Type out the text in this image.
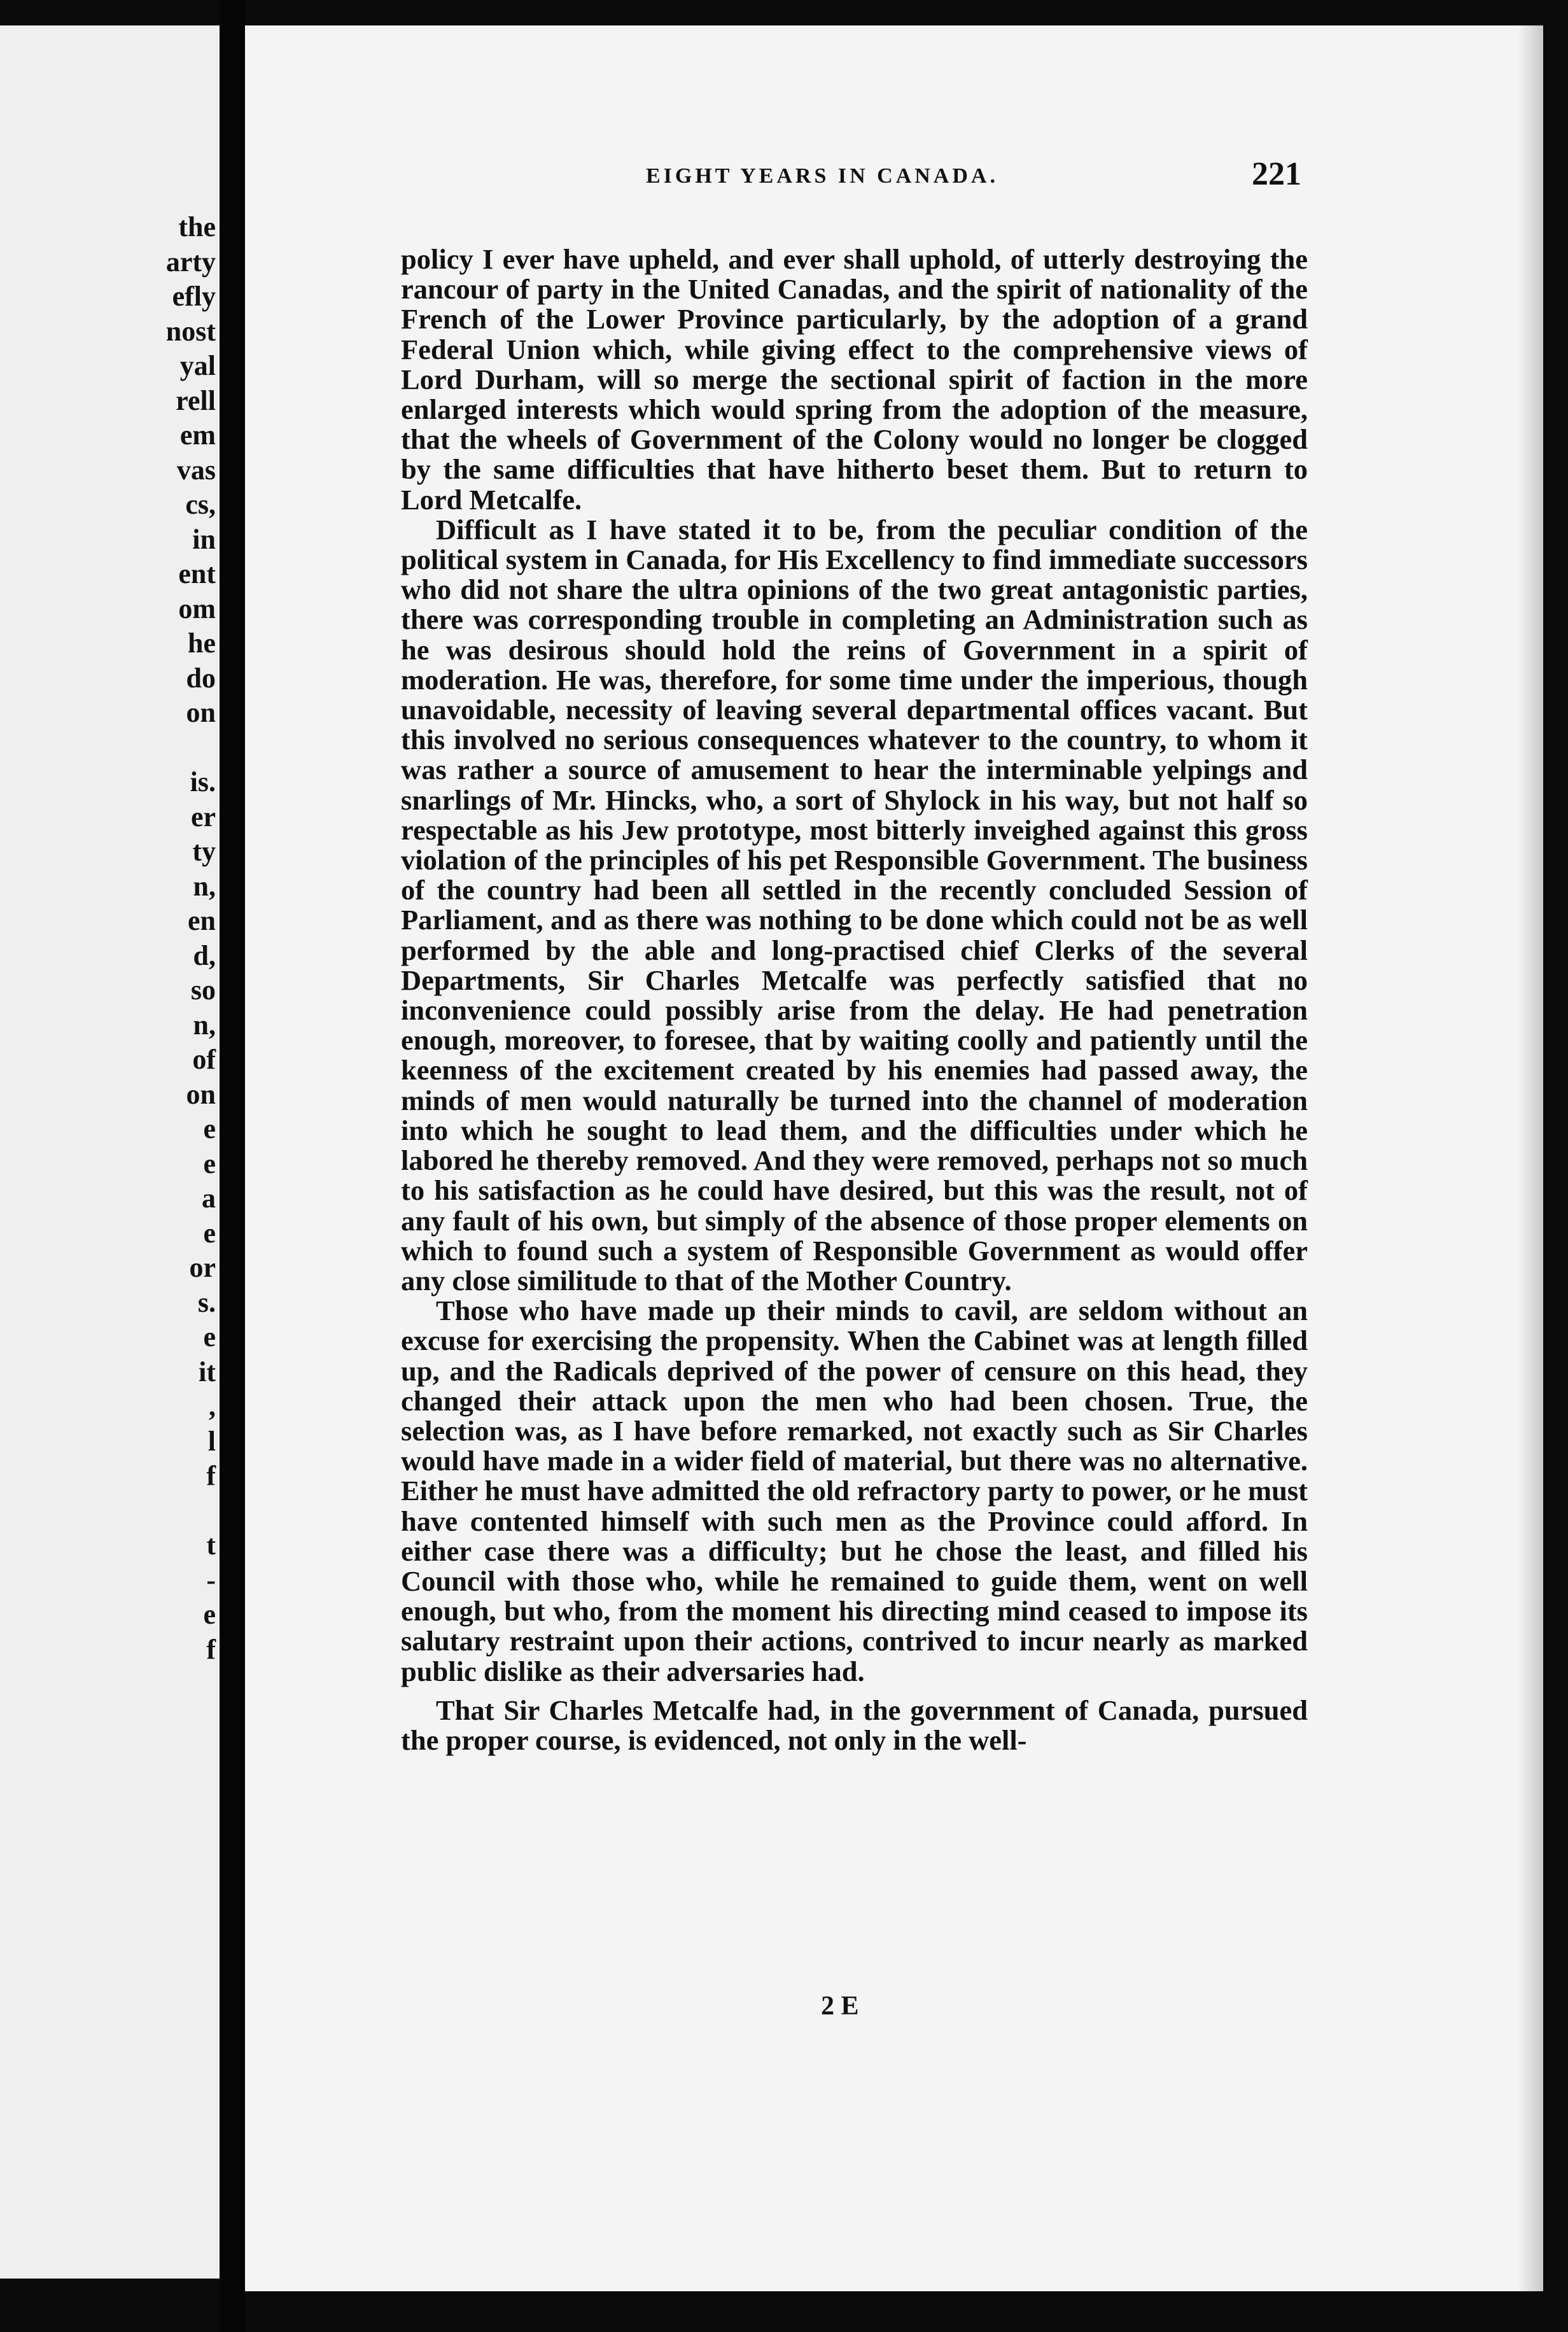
the
arty
efly
nost
yal
rell
em
vas
cs,
in
ent
om
he
do
on

is.
er
ty
n,
en
d,
so
n,
of
on
e
e
a
e
or
s.
e
it
,
l
f

t
-
e
f
EIGHT YEARS IN CANADA.	221

policy I ever have upheld, and ever shall uphold, of utterly destroying the rancour of party in the United Canadas, and the spirit of nationality of the French of the Lower Province particularly, by the adoption of a grand Federal Union which, while giving effect to the comprehensive views of Lord Durham, will so merge the sectional spirit of faction in the more enlarged interests which would spring from the adoption of the measure, that the wheels of Government of the Colony would no longer be clogged by the same difficulties that have hitherto beset them. But to return to Lord Metcalfe.

Difficult as I have stated it to be, from the peculiar condition of the political system in Canada, for His Excellency to find immediate successors who did not share the ultra opinions of the two great antagonistic parties, there was corresponding trouble in completing an Administration such as he was desirous should hold the reins of Government in a spirit of moderation. He was, therefore, for some time under the imperious, though unavoidable, necessity of leaving several departmental offices vacant. But this involved no serious consequences whatever to the country, to whom it was rather a source of amusement to hear the interminable yelpings and snarlings of Mr. Hincks, who, a sort of Shylock in his way, but not half so respectable as his Jew prototype, most bitterly inveighed against this gross violation of the principles of his pet Responsible Government. The business of the country had been all settled in the recently concluded Session of Parliament, and as there was nothing to be done which could not be as well performed by the able and long-practised chief Clerks of the several Departments, Sir Charles Metcalfe was perfectly satisfied that no inconvenience could possibly arise from the delay. He had penetration enough, moreover, to foresee, that by waiting coolly and patiently until the keenness of the excitement created by his enemies had passed away, the minds of men would naturally be turned into the channel of moderation into which he sought to lead them, and the difficulties under which he labored he thereby removed. And they were removed, perhaps not so much to his satisfaction as he could have desired, but this was the result, not of any fault of his own, but simply of the absence of those proper elements on which to found such a system of Responsible Government as would offer any close similitude to that of the Mother Country.

Those who have made up their minds to cavil, are seldom without an excuse for exercising the propensity. When the Cabinet was at length filled up, and the Radicals deprived of the power of censure on this head, they changed their attack upon the men who had been chosen. True, the selection was, as I have before remarked, not exactly such as Sir Charles would have made in a wider field of material, but there was no alternative. Either he must have admitted the old refractory party to power, or he must have contented himself with such men as the Province could afford. In either case there was a difficulty; but he chose the least, and filled his Council with those who, while he remained to guide them, went on well enough, but who, from the moment his directing mind ceased to impose its salutary restraint upon their actions, contrived to incur nearly as marked public dislike as their adversaries had.

That Sir Charles Metcalfe had, in the government of Canada, pursued the proper course, is evidenced, not only in the well-

2 E
